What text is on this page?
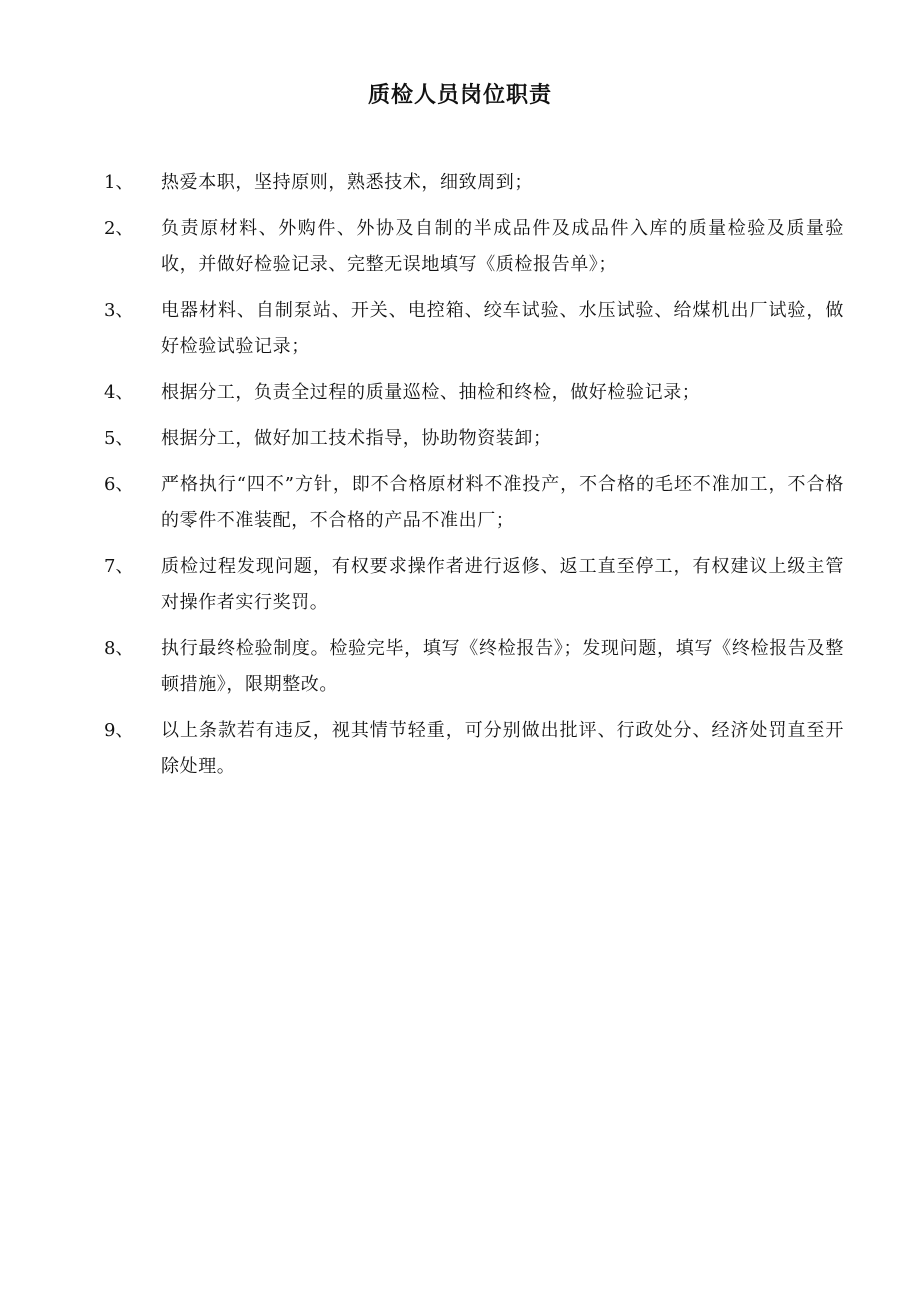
质检人员岗位职责
1、	热爱本职，坚持原则，熟悉技术，细致周到；
2、	负责原材料、外购件、外协及自制的半成品件及成品件入库的质量检验及质量验收，并做好检验记录、完整无误地填写《质检报告单》；
3、	电器材料、自制泵站、开关、电控箱、绞车试验、水压试验、给煤机出厂试验，做好检验试验记录；
4、	根据分工，负责全过程的质量巡检、抽检和终检，做好检验记录；
5、	根据分工，做好加工技术指导，协助物资装卸；
6、	严格执行“四不”方针，即不合格原材料不准投产，不合格的毛坯不准加工，不合格的零件不准装配，不合格的产品不准出厂；
7、	质检过程发现问题，有权要求操作者进行返修、返工直至停工，有权建议上级主管对操作者实行奖罚。
8、	执行最终检验制度。检验完毕，填写《终检报告》；发现问题，填写《终检报告及整顿措施》，限期整改。
9、	以上条款若有违反，视其情节轻重，可分别做出批评、行政处分、经济处罚直至开除处理。
